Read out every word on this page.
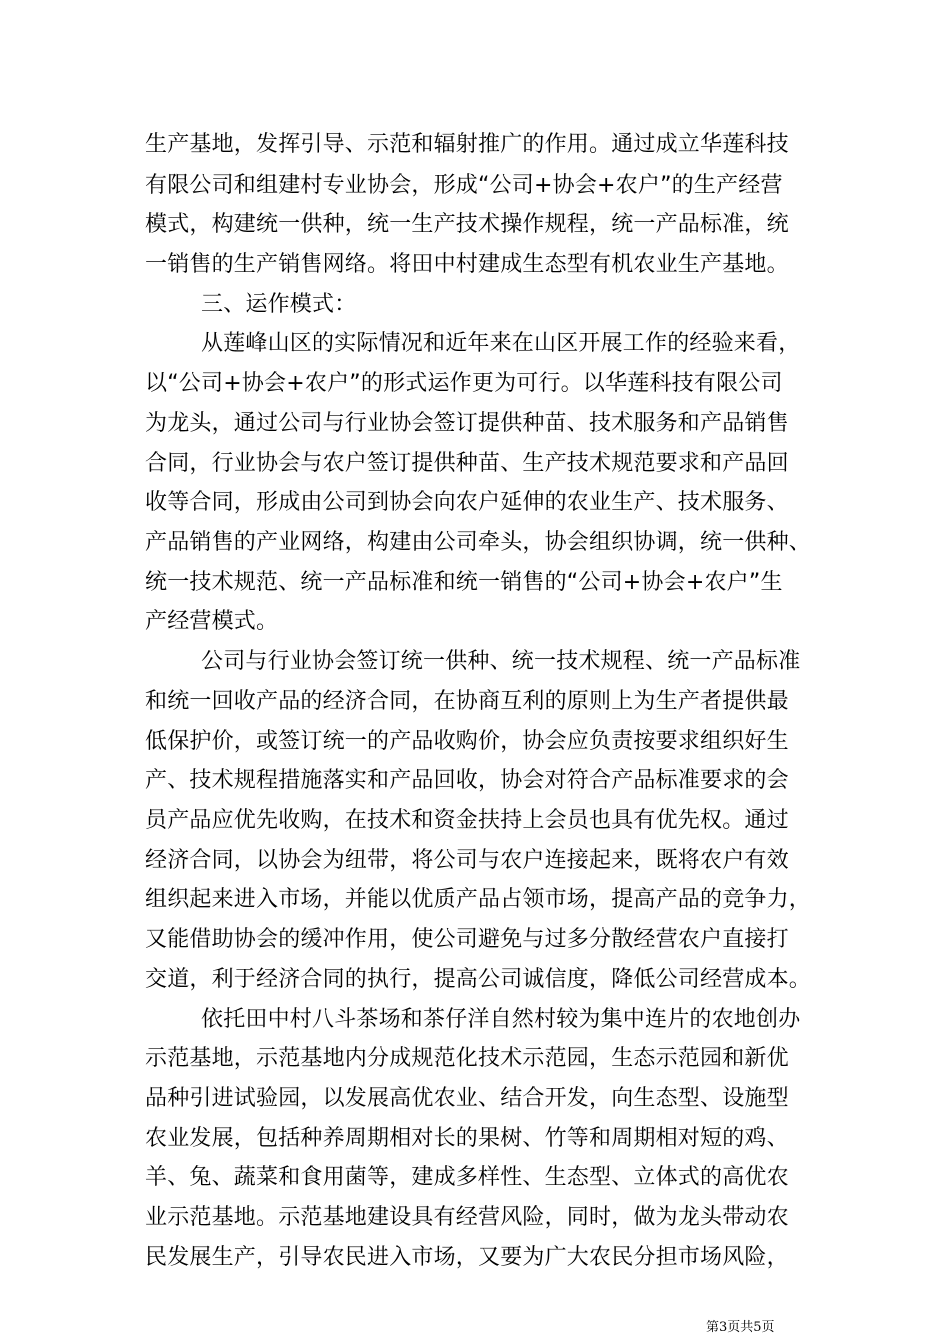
生产基地，发挥引导、示范和辐射推广的作用。通过成立华莲科技
有限公司和组建村专业协会，形成“公司+协会+农户”的生产经营
模式，构建统一供种，统一生产技术操作规程，统一产品标准，统
一销售的生产销售网络。将田中村建成生态型有机农业生产基地。
三、运作模式：
从莲峰山区的实际情况和近年来在山区开展工作的经验来看，
以“公司+协会+农户”的形式运作更为可行。以华莲科技有限公司
为龙头，通过公司与行业协会签订提供种苗、技术服务和产品销售
合同，行业协会与农户签订提供种苗、生产技术规范要求和产品回
收等合同，形成由公司到协会向农户延伸的农业生产、技术服务、
产品销售的产业网络，构建由公司牵头，协会组织协调，统一供种、
统一技术规范、统一产品标准和统一销售的“公司+协会+农户”生
产经营模式。
公司与行业协会签订统一供种、统一技术规程、统一产品标准
和统一回收产品的经济合同，在协商互利的原则上为生产者提供最
低保护价，或签订统一的产品收购价，协会应负责按要求组织好生
产、技术规程措施落实和产品回收，协会对符合产品标准要求的会
员产品应优先收购，在技术和资金扶持上会员也具有优先权。通过
经济合同，以协会为纽带，将公司与农户连接起来，既将农户有效
组织起来进入市场，并能以优质产品占领市场，提高产品的竞争力，
又能借助协会的缓冲作用，使公司避免与过多分散经营农户直接打
交道，利于经济合同的执行，提高公司诚信度，降低公司经营成本。
依托田中村八斗茶场和茶仔洋自然村较为集中连片的农地创办
示范基地，示范基地内分成规范化技术示范园，生态示范园和新优
品种引进试验园，以发展高优农业、结合开发，向生态型、设施型
农业发展，包括种养周期相对长的果树、竹等和周期相对短的鸡、
羊、兔、蔬菜和食用菌等，建成多样性、生态型、立体式的高优农
业示范基地。示范基地建设具有经营风险，同时，做为龙头带动农
民发展生产，引导农民进入市场，又要为广大农民分担市场风险，
第3页共5页
